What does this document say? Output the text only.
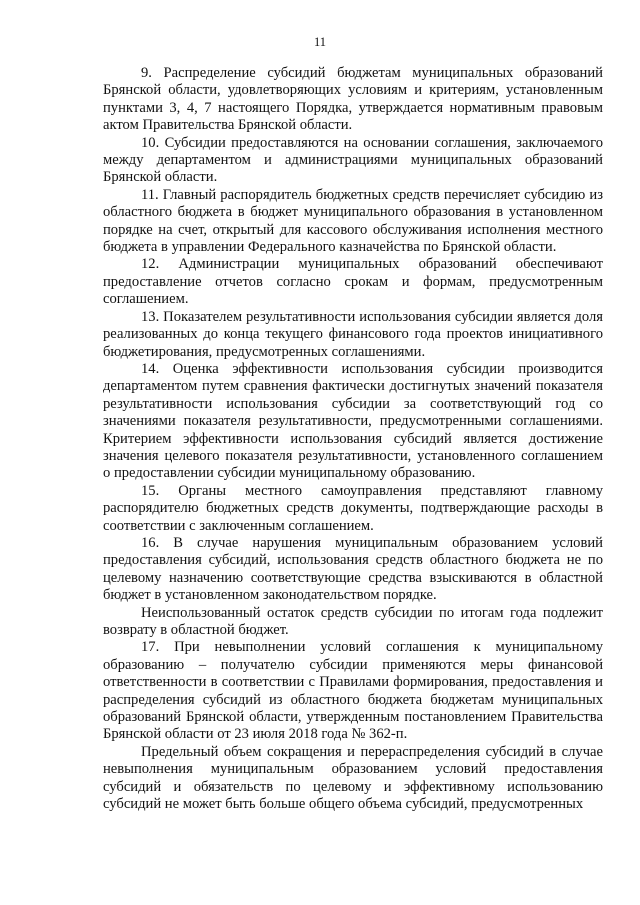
11

9. Распределение субсидий бюджетам муниципальных образований Брянской области, удовлетворяющих условиям и критериям, установленным пунктами 3, 4, 7 настоящего Порядка, утверждается нормативным правовым актом Правительства Брянской области.

10. Субсидии предоставляются на основании соглашения, заключаемого между департаментом и администрациями муниципальных образований Брянской области.

11. Главный распорядитель бюджетных средств перечисляет субсидию из областного бюджета в бюджет муниципального образования в установленном порядке на счет, открытый для кассового обслуживания исполнения местного бюджета в управлении Федерального казначейства по Брянской области.

12. Администрации муниципальных образований обеспечивают предоставление отчетов согласно срокам и формам, предусмотренным соглашением.

13. Показателем результативности использования субсидии является доля реализованных до конца текущего финансового года проектов инициативного бюджетирования, предусмотренных соглашениями.

14. Оценка эффективности использования субсидии производится департаментом путем сравнения фактически достигнутых значений показателя результативности использования субсидии за соответствующий год со значениями показателя результативности, предусмотренными соглашениями. Критерием эффективности использования субсидий является достижение значения целевого показателя результативности, установленного соглашением о предоставлении субсидии муниципальному образованию.

15. Органы местного самоуправления представляют главному распорядителю бюджетных средств документы, подтверждающие расходы в соответствии с заключенным соглашением.

16. В случае нарушения муниципальным образованием условий предоставления субсидий, использования средств областного бюджета не по целевому назначению соответствующие средства взыскиваются в областной бюджет в установленном законодательством порядке.

Неиспользованный остаток средств субсидии по итогам года подлежит возврату в областной бюджет.

17. При невыполнении условий соглашения к муниципальному образованию – получателю субсидии применяются меры финансовой ответственности в соответствии с Правилами формирования, предоставления и распределения субсидий из областного бюджета бюджетам муниципальных образований Брянской области, утвержденным постановлением Правительства Брянской области от 23 июля 2018 года № 362-п.

Предельный объем сокращения и перераспределения субсидий в случае невыполнения муниципальным образованием условий предоставления субсидий и обязательств по целевому и эффективному использованию субсидий не может быть больше общего объема субсидий, предусмотренных
